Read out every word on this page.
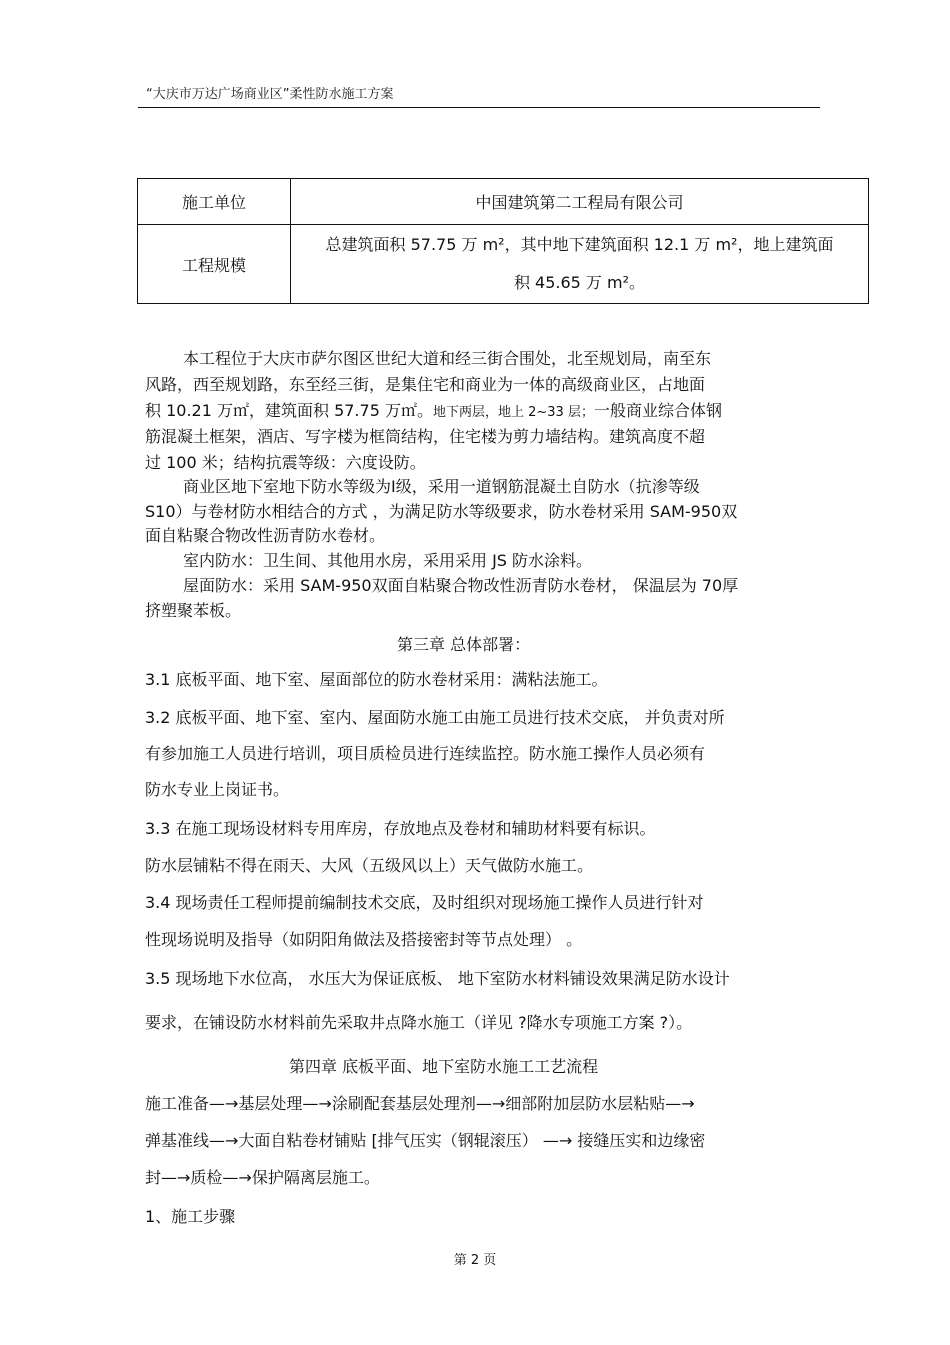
“大庆市万达广场商业区”柔性防水施工方案
施工单位	中国建筑第二工程局有限公司
工程规模	总建筑面积 57.75 万 m²，其中地下建筑面积 12.1 万 m²，地上建筑面
积 45.65 万 m²。
本工程位于大庆市萨尔图区世纪大道和经三街合围处，北至规划局，南至东
风路，西至规划路，东至经三街，是集住宅和商业为一体的高级商业区，占地面
积 10.21 万㎡，建筑面积 57.75 万㎡。地下两层，地上 2~33 层；一般商业综合体钢
筋混凝土框架，酒店、写字楼为框筒结构，住宅楼为剪力墙结构。建筑高度不超
过 100 米；结构抗震等级：六度设防。
商业区地下室地下防水等级为Ⅰ级，采用一道钢筋混凝土自防水（抗渗等级
S10）与卷材防水相结合的方式 ，为满足防水等级要求，防水卷材采用 SAM-950双
面自粘聚合物改性沥青防水卷材。
室内防水：卫生间、其他用水房，采用采用 JS 防水涂料。
屋面防水：采用 SAM-950双面自粘聚合物改性沥青防水卷材， 保温层为 70厚
挤塑聚苯板。
第三章 总体部署：
3.1 底板平面、地下室、屋面部位的防水卷材采用：满粘法施工。
3.2 底板平面、地下室、室内、屋面防水施工由施工员进行技术交底， 并负责对所
有参加施工人员进行培训，项目质检员进行连续监控。防水施工操作人员必须有
防水专业上岗证书。
3.3 在施工现场设材料专用库房，存放地点及卷材和辅助材料要有标识。
防水层铺粘不得在雨天、大风（五级风以上）天气做防水施工。
3.4 现场责任工程师提前编制技术交底，及时组织对现场施工操作人员进行针对
性现场说明及指导（如阴阳角做法及搭接密封等节点处理） 。
3.5 现场地下水位高， 水压大为保证底板、 地下室防水材料铺设效果满足防水设计
要求，在铺设防水材料前先采取井点降水施工（详见 ?降水专项施工方案 ?）。
第四章 底板平面、地下室防水施工工艺流程
施工准备—→基层处理—→涂刷配套基层处理剂—→细部附加层防水层粘贴—→
弹基准线—→大面自粘卷材铺贴 [排气压实（钢辊滚压） —→ 接缝压实和边缘密
封—→质检—→保护隔离层施工。
1、施工步骤
第 2 页
